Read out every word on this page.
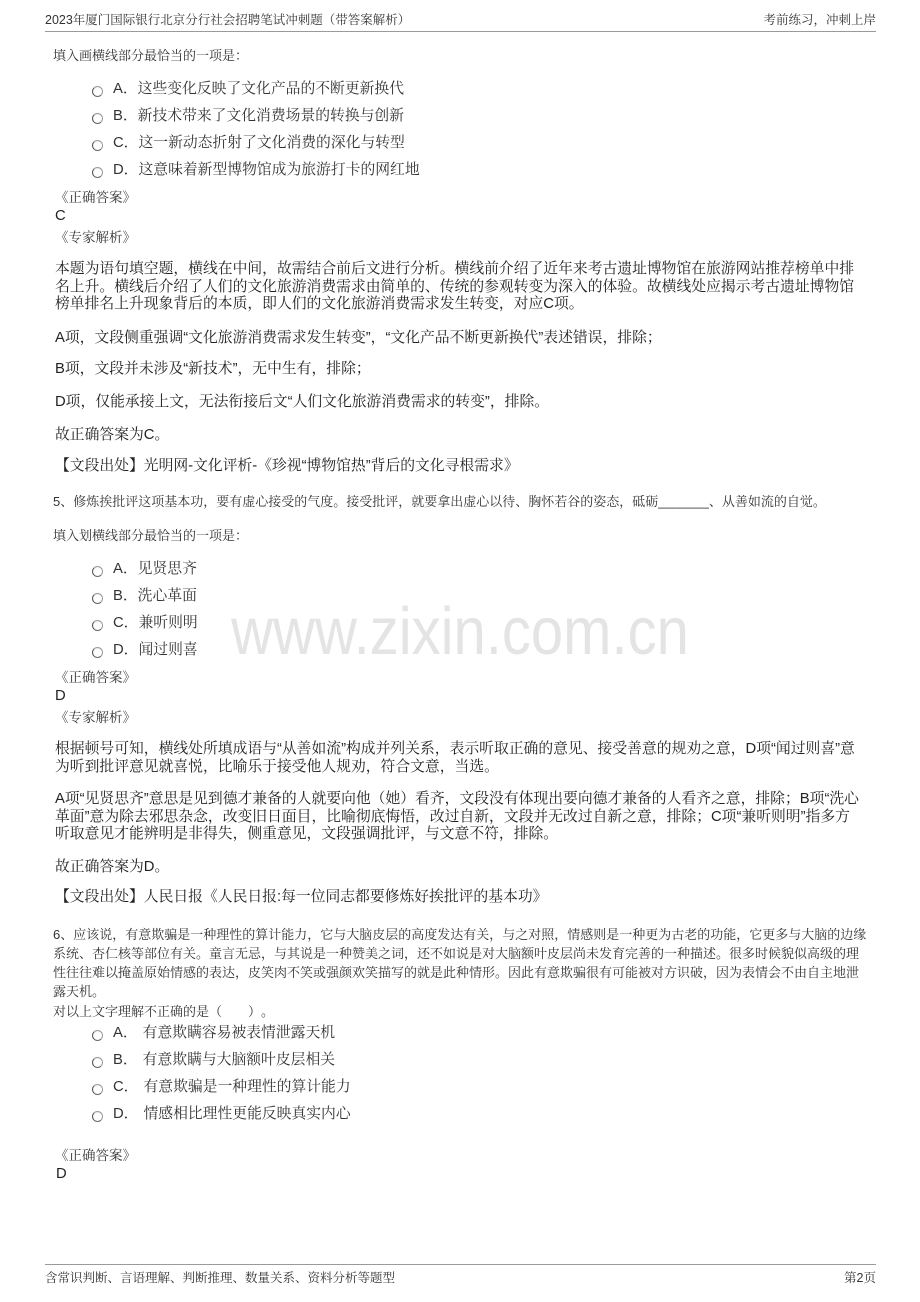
2023年厦门国际银行北京分行社会招聘笔试冲刺题（带答案解析）	考前练习，冲刺上岸
www.zixin.com.cn
填入画横线部分最恰当的一项是：
A．这些变化反映了文化产品的不断更新换代
B．新技术带来了文化消费场景的转换与创新
C．这一新动态折射了文化消费的深化与转型
D．这意味着新型博物馆成为旅游打卡的网红地
《正确答案》
C
《专家解析》
本题为语句填空题，横线在中间，故需结合前后文进行分析。横线前介绍了近年来考古遗址博物馆在旅游网站推荐榜单中排名上升。横线后介绍了人们的文化旅游消费需求由简单的、传统的参观转变为深入的体验。故横线处应揭示考古遗址博物馆榜单排名上升现象背后的本质，即人们的文化旅游消费需求发生转变，对应C项。
A项，文段侧重强调“文化旅游消费需求发生转变”，“文化产品不断更新换代”表述错误，排除；
B项，文段并未涉及“新技术”，无中生有，排除；
D项，仅能承接上文，无法衔接后文“人们文化旅游消费需求的转变”，排除。
故正确答案为C。
【文段出处】光明网-文化评析-《珍视“博物馆热”背后的文化寻根需求》
5、修炼挨批评这项基本功，要有虚心接受的气度。接受批评，就要拿出虚心以待、胸怀若谷的姿态，砥砺_______、从善如流的自觉。
填入划横线部分最恰当的一项是：
A．见贤思齐
B．洗心革面
C．兼听则明
D．闻过则喜
《正确答案》
D
《专家解析》
根据顿号可知，横线处所填成语与“从善如流”构成并列关系，表示听取正确的意见、接受善意的规劝之意，D项“闻过则喜”意为听到批评意见就喜悦，比喻乐于接受他人规劝，符合文意，当选。
A项“见贤思齐”意思是见到德才兼备的人就要向他（她）看齐，文段没有体现出要向德才兼备的人看齐之意，排除；B项“洗心革面”意为除去邪思杂念，改变旧日面目，比喻彻底悔悟，改过自新，文段并无改过自新之意，排除；C项“兼听则明”指多方听取意见才能辨明是非得失，侧重意见，文段强调批评，与文意不符，排除。
故正确答案为D。
【文段出处】人民日报《人民日报:每一位同志都要修炼好挨批评的基本功》
6、应该说，有意欺骗是一种理性的算计能力，它与大脑皮层的高度发达有关，与之对照，情感则是一种更为古老的功能，它更多与大脑的边缘系统、杏仁核等部位有关。童言无忌，与其说是一种赞美之词，还不如说是对大脑额叶皮层尚未发育完善的一种描述。很多时候貌似高级的理性往往难以掩盖原始情感的表达，皮笑肉不笑或强颜欢笑描写的就是此种情形。因此有意欺骗很有可能被对方识破，因为表情会不由自主地泄露天机。
对以上文字理解不正确的是（　　）。
A． 有意欺瞒容易被表情泄露天机
B． 有意欺瞒与大脑额叶皮层相关
C． 有意欺骗是一种理性的算计能力
D． 情感相比理性更能反映真实内心
《正确答案》
D
含常识判断、言语理解、判断推理、数量关系、资料分析等题型	第2页
